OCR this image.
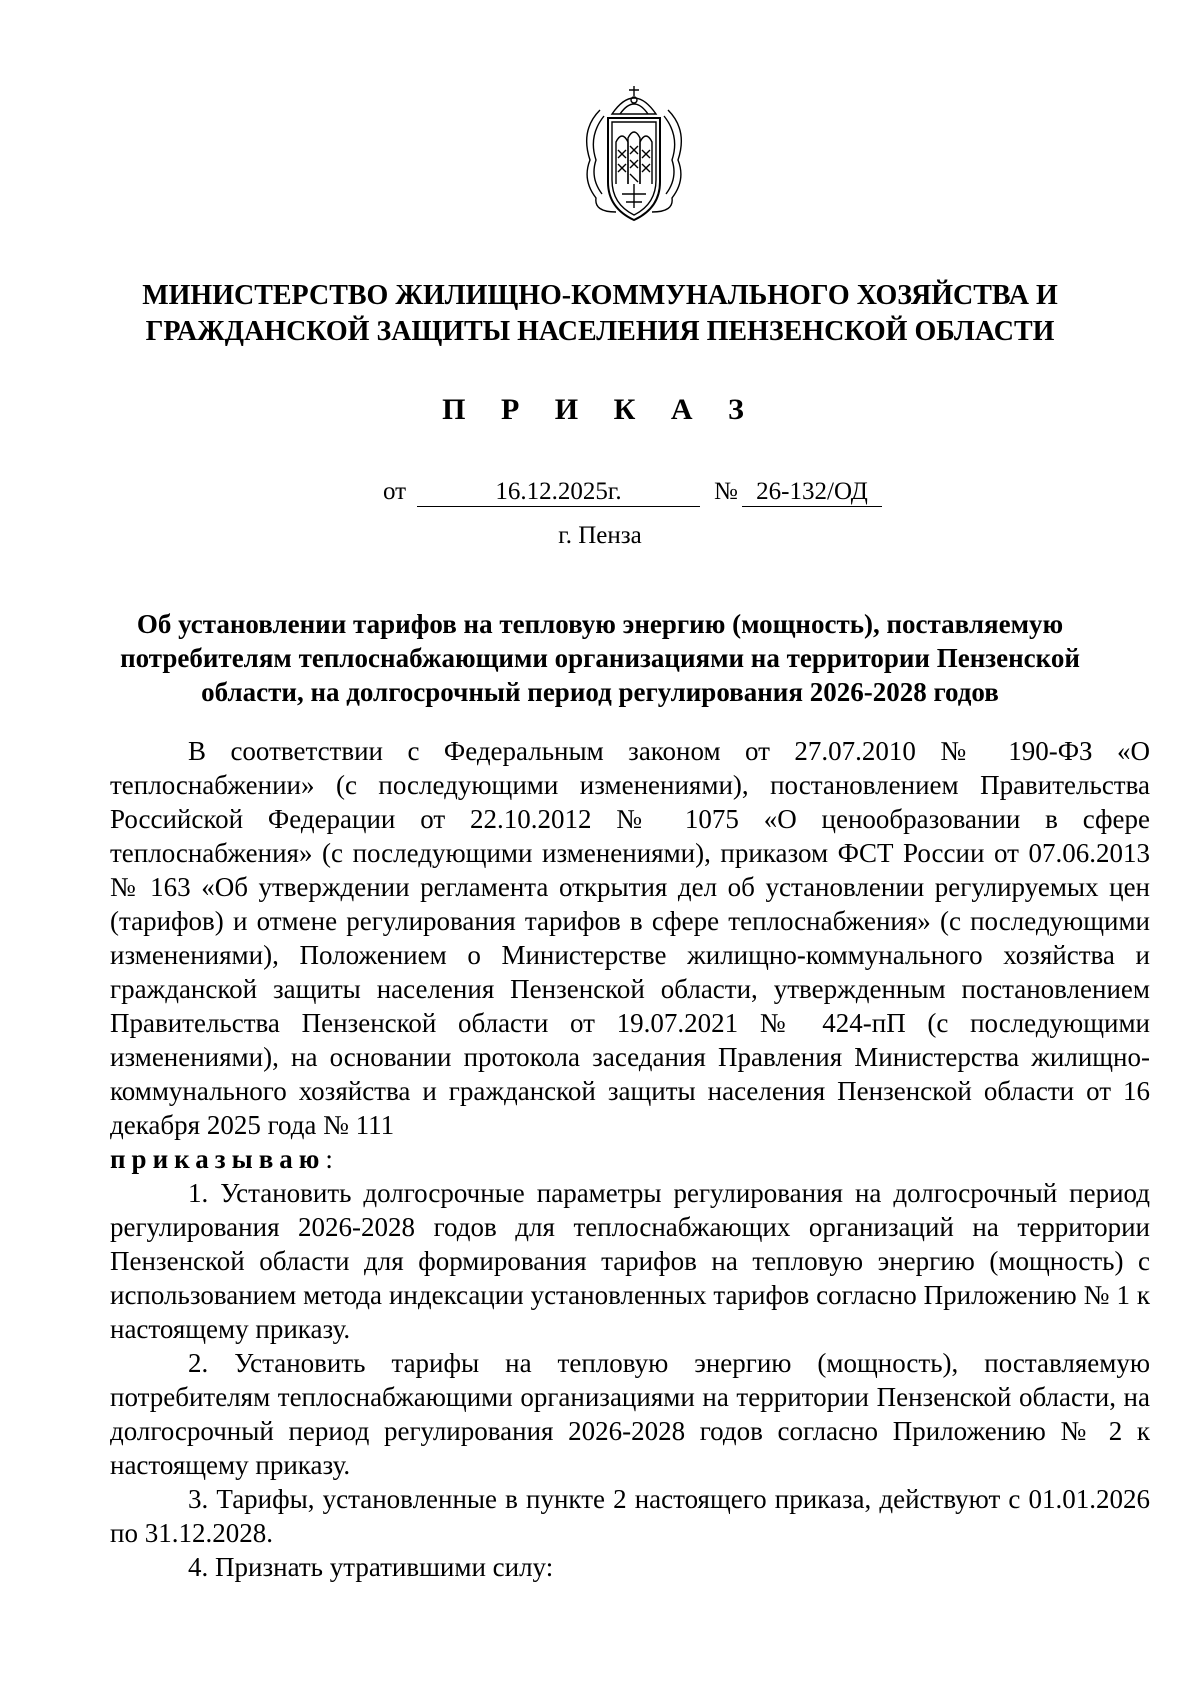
МИНИСТЕРСТВО ЖИЛИЩНО-КОММУНАЛЬНОГО ХОЗЯЙСТВА И
ГРАЖДАНСКОЙ ЗАЩИТЫ НАСЕЛЕНИЯ ПЕНЗЕНСКОЙ ОБЛАСТИ
П Р И К А З
от	16.12.2025г.	№ 26-132/ОД
г. Пенза
Об установлении тарифов на тепловую энергию (мощность), поставляемую потребителям теплоснабжающими организациями на территории Пензенской области, на долгосрочный период регулирования 2026-2028 годов

В соответствии с Федеральным законом от 27.07.2010 № 190-ФЗ «О теплоснабжении» (с последующими изменениями), постановлением Правительства Российской Федерации от 22.10.2012 № 1075 «О ценообразовании в сфере теплоснабжения» (с последующими изменениями), приказом ФСТ России от 07.06.2013 № 163 «Об утверждении регламента открытия дел об установлении регулируемых цен (тарифов) и отмене регулирования тарифов в сфере теплоснабжения» (с последующими изменениями), Положением о Министерстве жилищно-коммунального хозяйства и гражданской защиты населения Пензенской области, утвержденным постановлением Правительства Пензенской области от 19.07.2021 № 424-пП (с последующими изменениями), на основании протокола заседания Правления Министерства жилищно-коммунального хозяйства и гражданской защиты населения Пензенской области от 16 декабря 2025 года № 111
приказываю:

1. Установить долгосрочные параметры регулирования на долгосрочный период регулирования 2026-2028 годов для теплоснабжающих организаций на территории Пензенской области для формирования тарифов на тепловую энергию (мощность) с использованием метода индексации установленных тарифов согласно Приложению № 1 к настоящему приказу.

2. Установить тарифы на тепловую энергию (мощность), поставляемую потребителям теплоснабжающими организациями на территории Пензенской области, на долгосрочный период регулирования 2026-2028 годов согласно Приложению № 2 к настоящему приказу.

3. Тарифы, установленные в пункте 2 настоящего приказа, действуют с 01.01.2026 по 31.12.2028.

4. Признать утратившими силу:
